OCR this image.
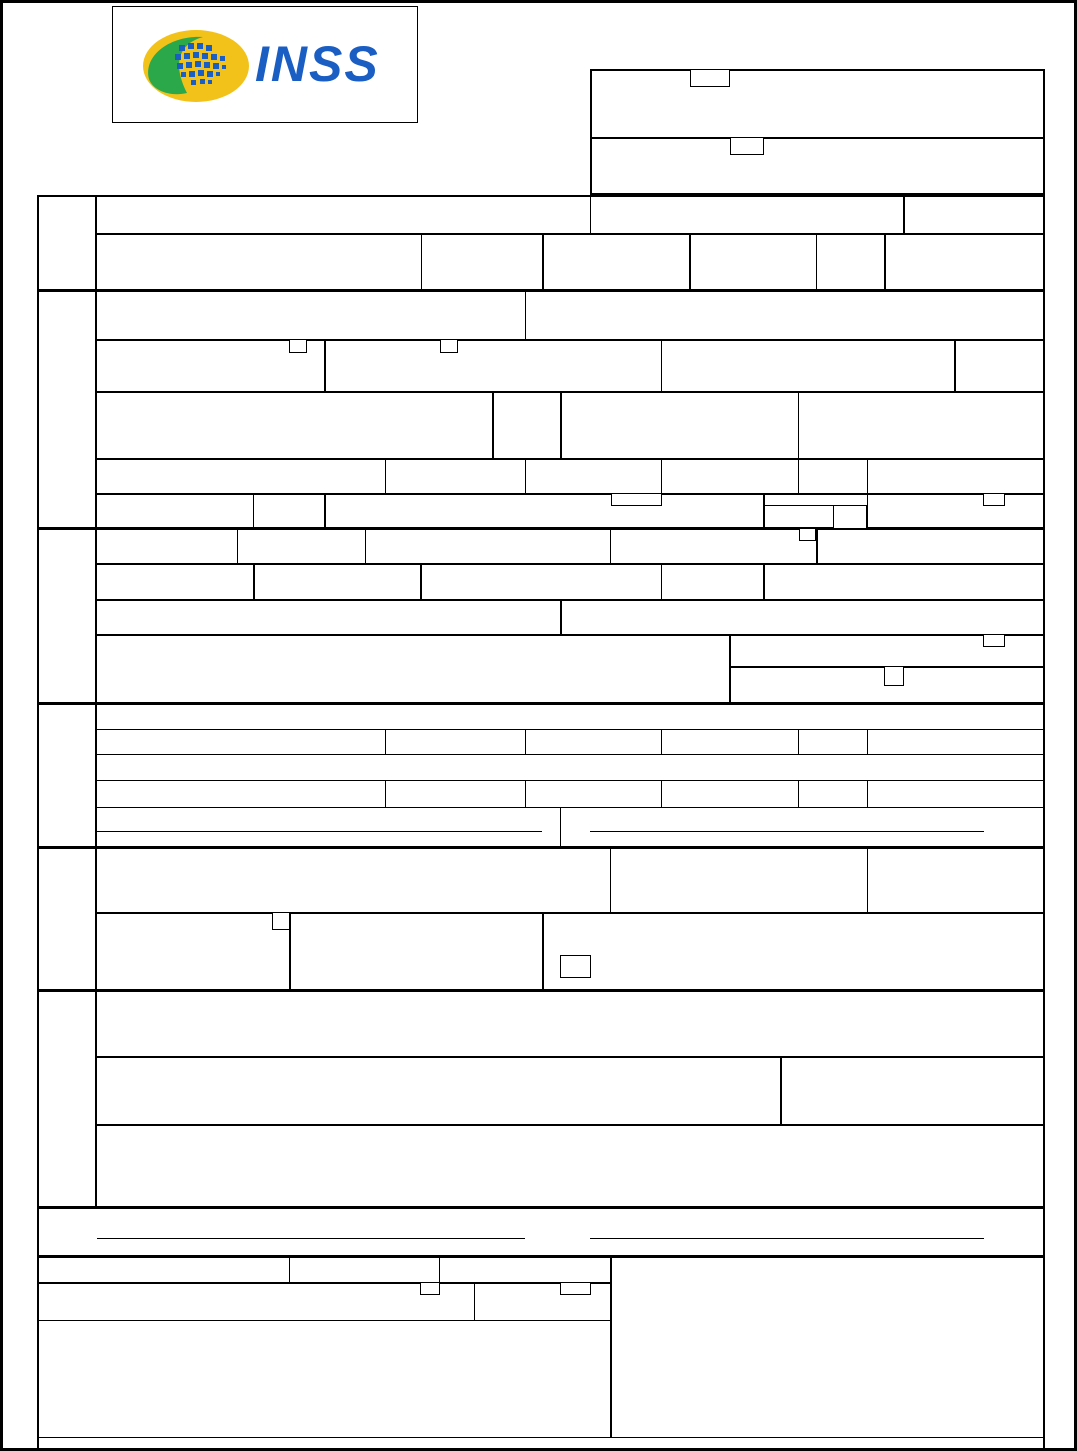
INSS
